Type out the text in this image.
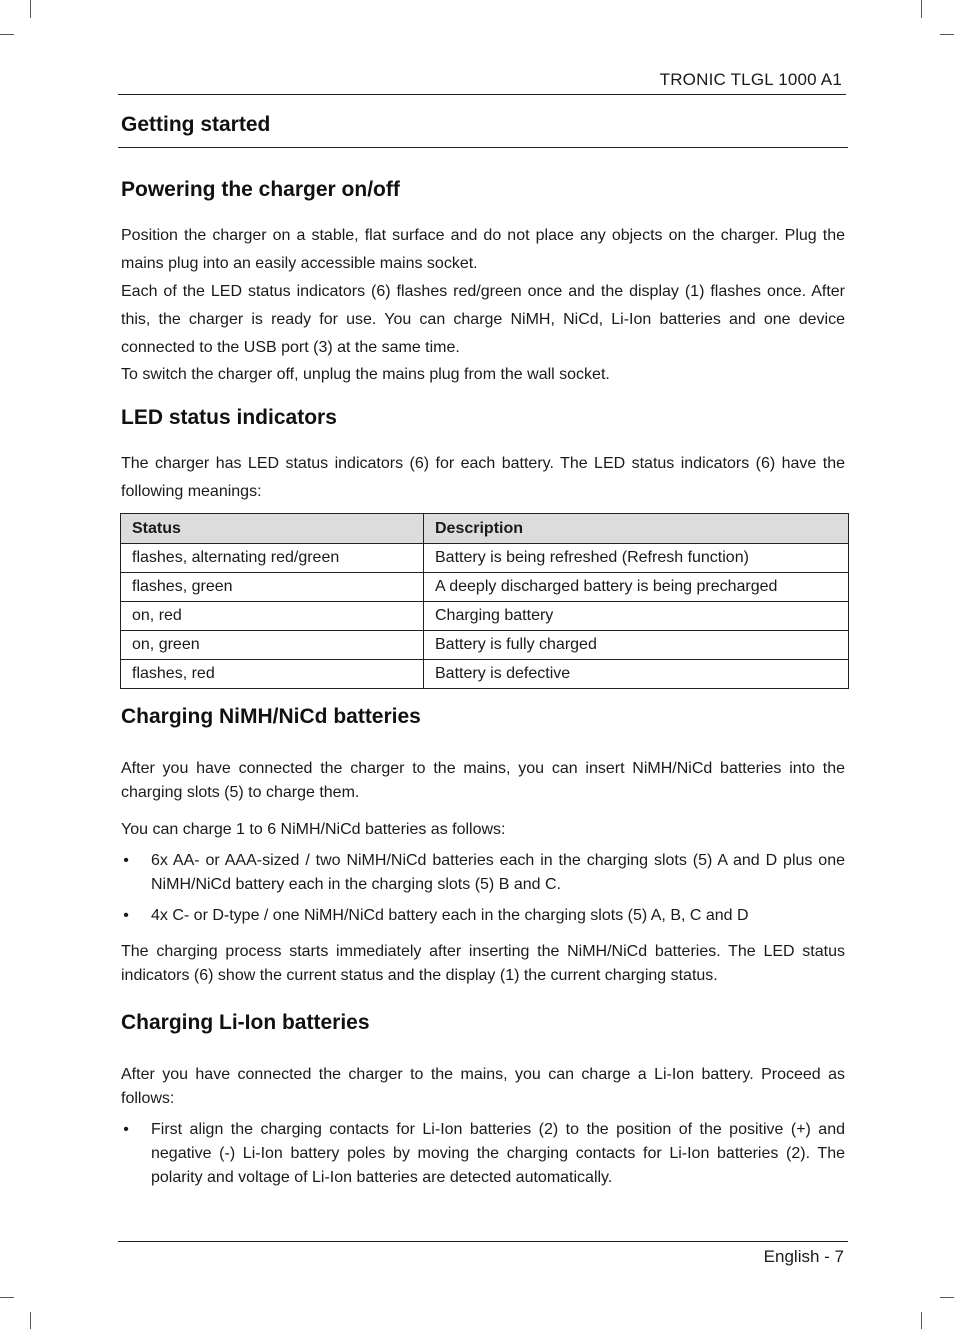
TRONIC TLGL 1000 A1
Getting started
Powering the charger on/off

Position the charger on a stable, flat surface and do not place any objects on the charger. Plug the mains plug into an easily accessible mains socket.

Each of the LED status indicators (6) flashes red/green once and the display (1) flashes once. After this, the charger is ready for use. You can charge NiMH, NiCd, Li-Ion batteries and one device connected to the USB port (3) at the same time.

To switch the charger off, unplug the mains plug from the wall socket.

LED status indicators

The charger has LED status indicators (6) for each battery. The LED status indicators (6) have the following meanings:

Status	Description
flashes, alternating red/green	Battery is being refreshed (Refresh function)
flashes, green	A deeply discharged battery is being precharged
on, red	Charging battery
on, green	Battery is fully charged
flashes, red	Battery is defective
Charging NiMH/NiCd batteries

After you have connected the charger to the mains, you can insert NiMH/NiCd batteries into the charging slots (5) to charge them.

You can charge 1 to 6 NiMH/NiCd batteries as follows:

• 6x AA- or AAA-sized / two NiMH/NiCd batteries each in the charging slots (5) A and D plus one NiMH/NiCd battery each in the charging slots (5) B and C.
• 4x C- or D-type / one NiMH/NiCd battery each in the charging slots (5) A, B, C and D

The charging process starts immediately after inserting the NiMH/NiCd batteries. The LED status indicators (6) show the current status and the display (1) the current charging status.

Charging Li-Ion batteries

After you have connected the charger to the mains, you can charge a Li-Ion battery. Proceed as follows:

• First align the charging contacts for Li-Ion batteries (2) to the position of the positive (+) and negative (-) Li-Ion battery poles by moving the charging contacts for Li-Ion batteries (2). The polarity and voltage of Li-Ion batteries are detected automatically.
English - 7
